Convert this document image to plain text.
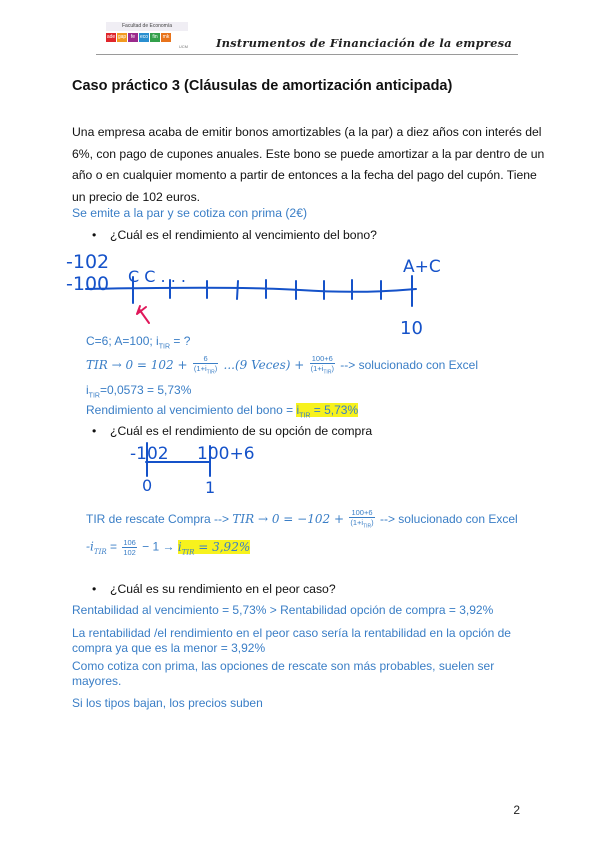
Facultad de Economía
ade gap fe eco fin	mk
UCM Instrumentos de Financiación de la empresa
Caso práctico 3 (Cláusulas de amortización anticipada)
Una empresa acaba de emitir bonos amortizables (a la par) a diez años con interés del 6%, con pago de cupones anuales. Este bono se puede amortizar a la par dentro de un año o en cualquier momento a partir de entonces a la fecha del pago del cupón. Tiene un precio de 102 euros.
Se emite a la par y se cotiza con prima (2€)
• ¿Cuál es el rendimiento al vencimiento del bono?
-102
-100 C C . . .	A+C
10
-102 100+6
0	1
C=6; A=100; $i_{TIR}$ = ?
TIR → $0 = 102 + \frac{6}{(1+i_{TIR})} ...(9$ Veces) + $\frac{100+6}{(1+i_{TIR})}$ --> solucionado con Excel
$i_{TIR}=0,0573 = 5,73\%$
Rendimiento al vencimiento del bono = $i_{TIR} = 5,73\%$
• ¿Cuál es el rendimiento de su opción de compra
TIR de rescate Compra --> TIR → $0 = -102 + \frac{100+6}{(1+i_{TIR})}$ --> solucionado con Excel
$-i_{TIR} = \frac{106}{102} - 1 \to i_{TIR} = 3,92\%$
• ¿Cuál es su rendimiento en el peor caso?
Rentabilidad al vencimiento = 5,73% > Rentabilidad opción de compra = 3,92%
La rentabilidad /el rendimiento en el peor caso sería la rentabilidad en la opción de
compra ya que es la menor = 3,92%
Como cotiza con prima, las opciones de rescate son más probables, suelen ser
mayores.
Si los tipos bajan, los precios suben
2
